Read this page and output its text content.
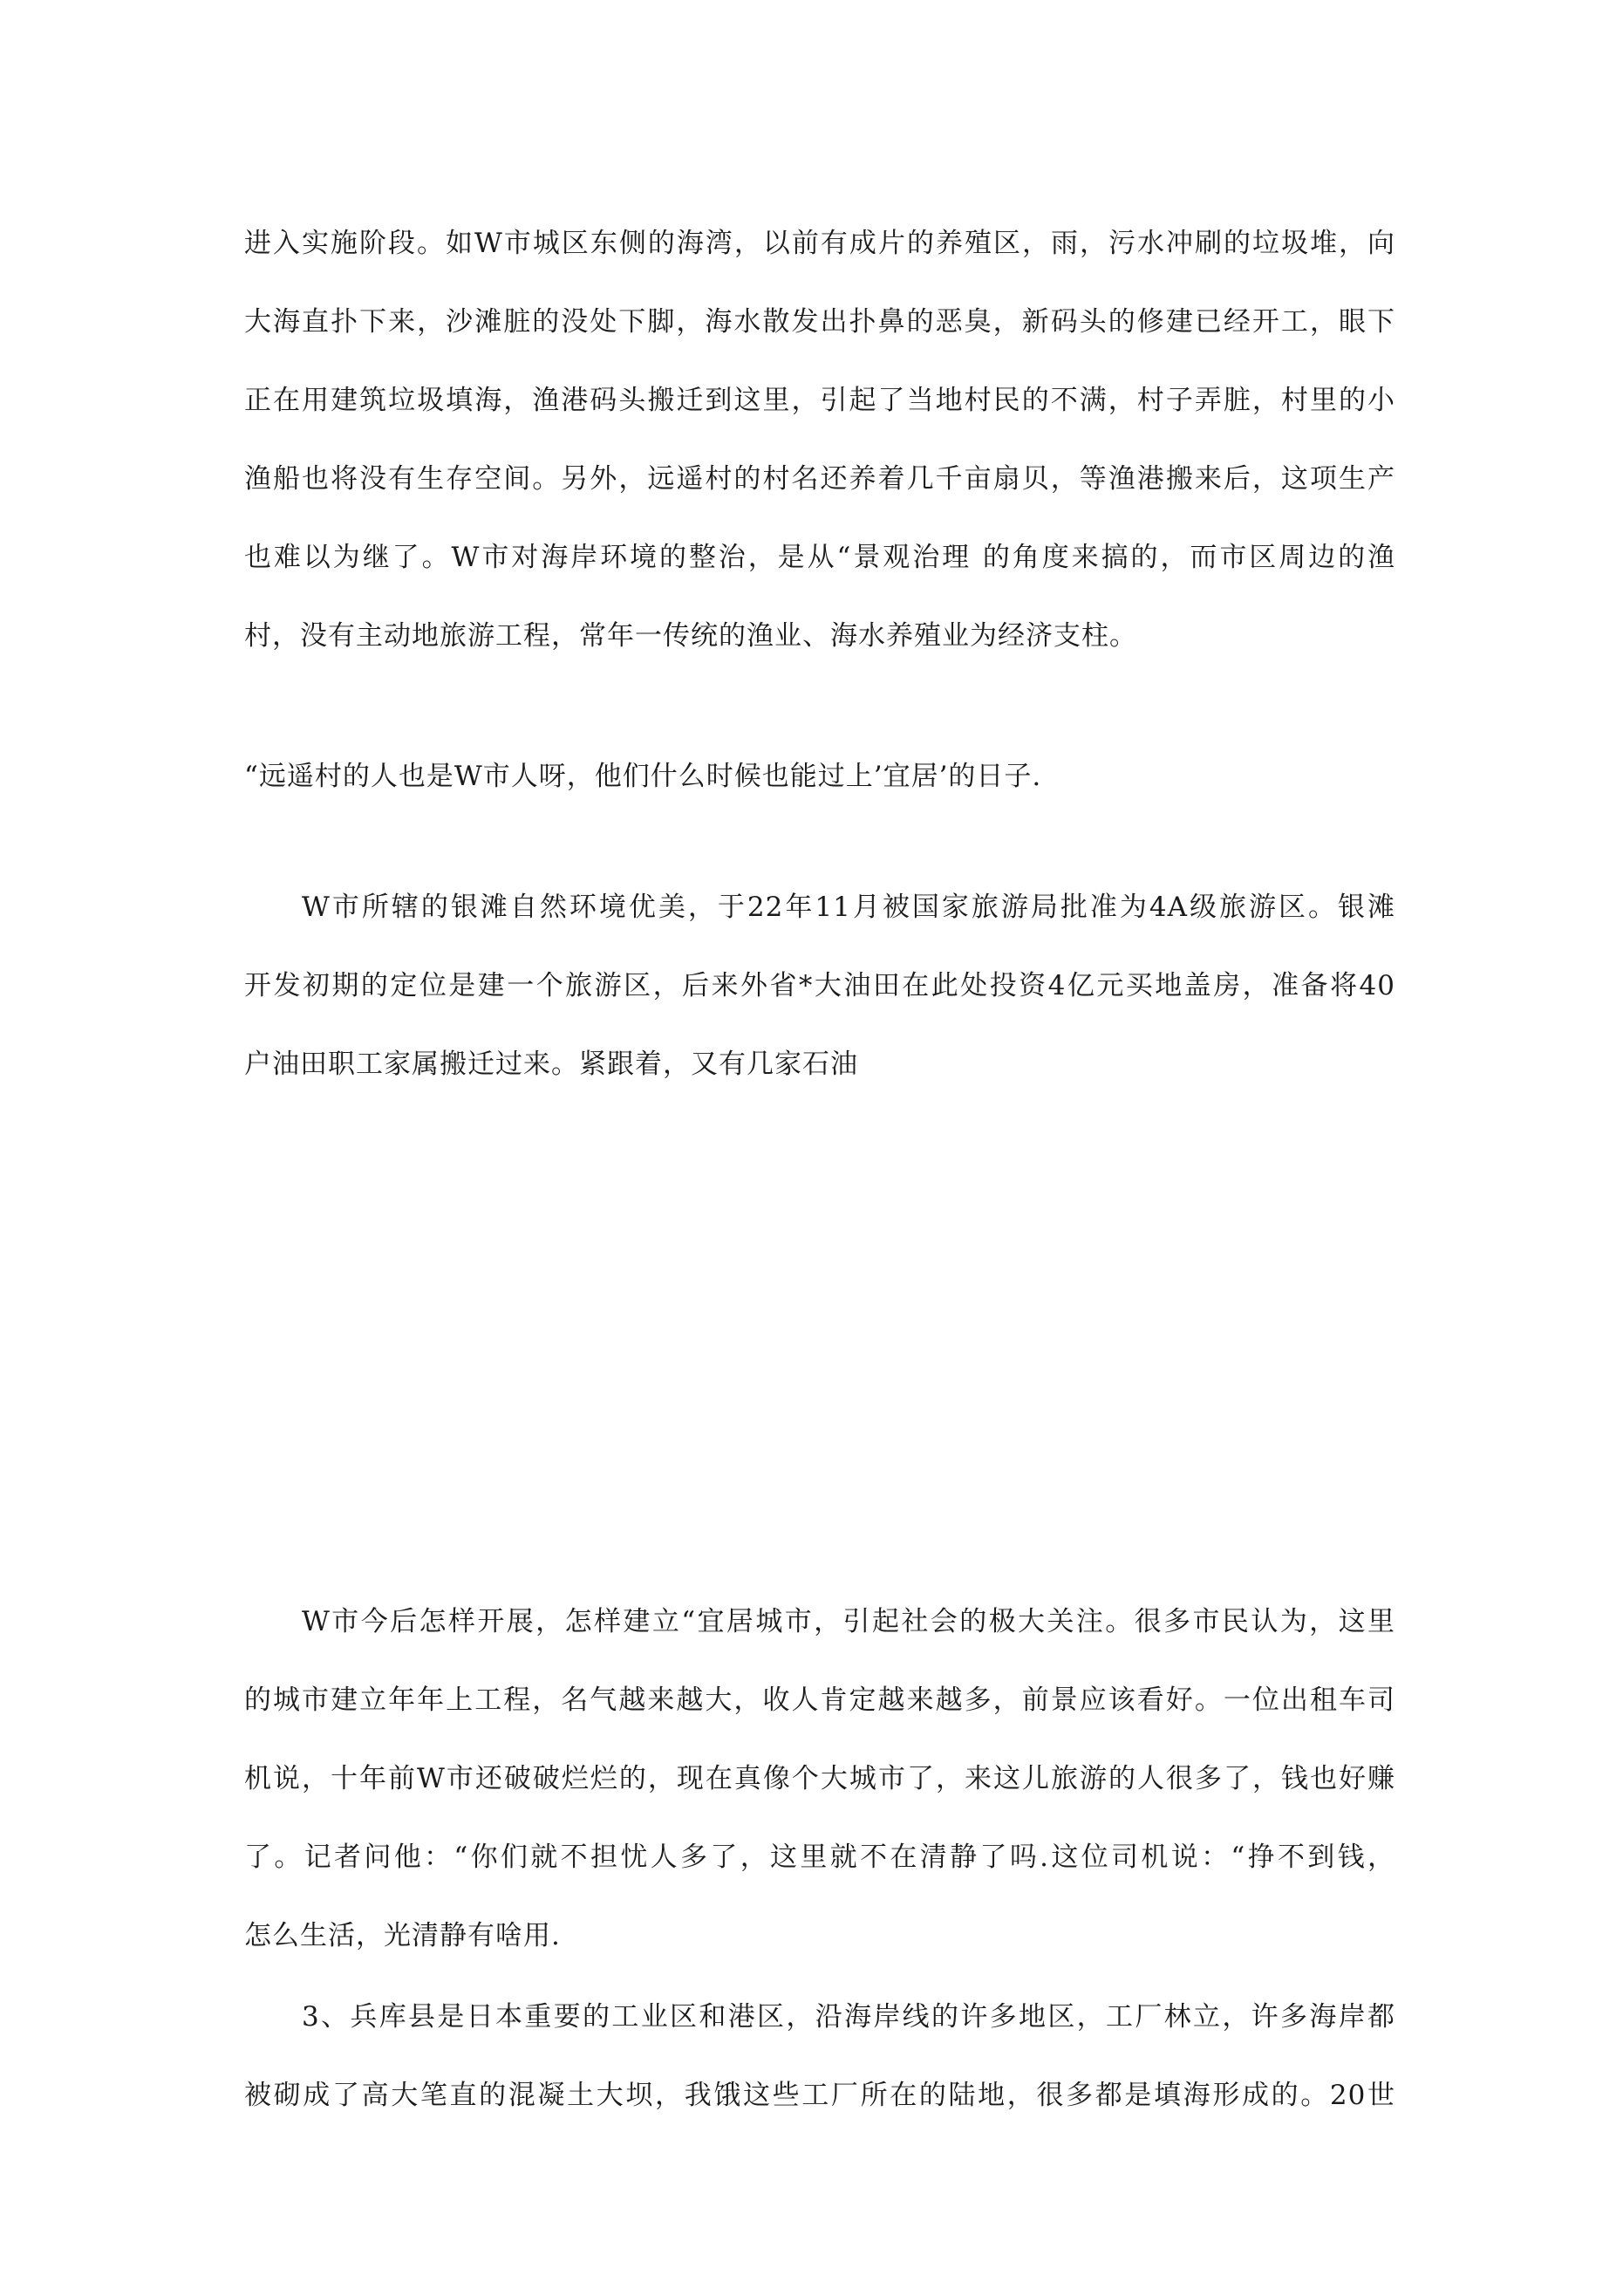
进入实施阶段。如W市城区东侧的海湾，以前有成片的养殖区，雨，污水冲刷的垃圾堆，向
大海直扑下来，沙滩脏的没处下脚，海水散发出扑鼻的恶臭，新码头的修建已经开工，眼下
正在用建筑垃圾填海，渔港码头搬迁到这里，引起了当地村民的不满，村子弄脏，村里的小
渔船也将没有生存空间。另外，远遥村的村名还养着几千亩扇贝，等渔港搬来后，这项生产
也难以为继了。W市对海岸环境的整治，是从“景观治理 的角度来搞的，而市区周边的渔
村，没有主动地旅游工程，常年一传统的渔业、海水养殖业为经济支柱。
“远遥村的人也是W市人呀，他们什么时候也能过上’宜居’的日子.
W市所辖的银滩自然环境优美，于22年11月被国家旅游局批准为4A级旅游区。银滩
开发初期的定位是建一个旅游区，后来外省*大油田在此处投资4亿元买地盖房，准备将40
户油田职工家属搬迁过来。紧跟着，又有几家石油
W市今后怎样开展，怎样建立“宜居城市，引起社会的极大关注。很多市民认为，这里
的城市建立年年上工程，名气越来越大，收人肯定越来越多，前景应该看好。一位出租车司
机说，十年前W市还破破烂烂的，现在真像个大城市了，来这儿旅游的人很多了，钱也好赚
了。记者问他：“你们就不担忧人多了，这里就不在清静了吗.这位司机说：“挣不到钱，
怎么生活，光清静有啥用.
3、兵库县是日本重要的工业区和港区，沿海岸线的许多地区，工厂林立，许多海岸都
被砌成了高大笔直的混凝土大坝，我饿这些工厂所在的陆地，很多都是填海形成的。20世
